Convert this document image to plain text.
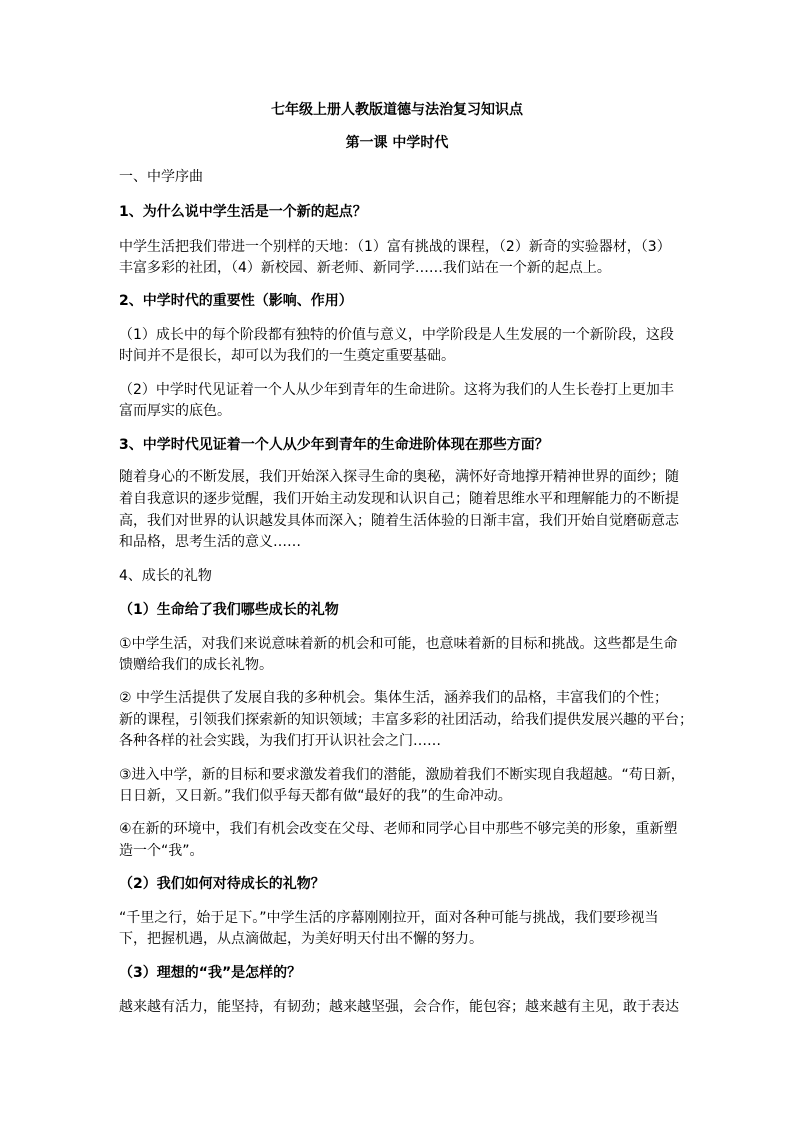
七年级上册人教版道德与法治复习知识点
第一课 中学时代
一、中学序曲
1、为什么说中学生活是一个新的起点？
中学生活把我们带进一个别样的天地：（1）富有挑战的课程，（2）新奇的实验器材，（3）
丰富多彩的社团，（4）新校园、新老师、新同学……我们站在一个新的起点上。
2、中学时代的重要性（影响、作用）
（1）成长中的每个阶段都有独特的价值与意义，中学阶段是人生发展的一个新阶段，这段
时间并不是很长，却可以为我们的一生奠定重要基础。
（2）中学时代见证着一个人从少年到青年的生命进阶。这将为我们的人生长卷打上更加丰
富而厚实的底色。
3、中学时代见证着一个人从少年到青年的生命进阶体现在那些方面？
随着身心的不断发展，我们开始深入探寻生命的奥秘，满怀好奇地撑开精神世界的面纱；随
着自我意识的逐步觉醒，我们开始主动发现和认识自己；随着思维水平和理解能力的不断提
高，我们对世界的认识越发具体而深入；随着生活体验的日渐丰富，我们开始自觉磨砺意志
和品格，思考生活的意义……
4、成长的礼物
（1）生命给了我们哪些成长的礼物
①中学生活，对我们来说意味着新的机会和可能，也意味着新的目标和挑战。这些都是生命
馈赠给我们的成长礼物。
② 中学生活提供了发展自我的多种机会。集体生活，涵养我们的品格，丰富我们的个性；
新的课程，引领我们探索新的知识领域；丰富多彩的社团活动，给我们提供发展兴趣的平台；
各种各样的社会实践，为我们打开认识社会之门……
③进入中学，新的目标和要求激发着我们的潜能，激励着我们不断实现自我超越。“苟日新，
日日新，又日新。”我们似乎每天都有做“最好的我”的生命冲动。
④在新的环境中，我们有机会改变在父母、老师和同学心目中那些不够完美的形象，重新塑
造一个“我”。
（2）我们如何对待成长的礼物？
“千里之行，始于足下。”中学生活的序幕刚刚拉开，面对各种可能与挑战，我们要珍视当
下，把握机遇，从点滴做起，为美好明天付出不懈的努力。
（3）理想的“我”是怎样的？
越来越有活力，能坚持，有韧劲；越来越坚强，会合作，能包容；越来越有主见，敢于表达
